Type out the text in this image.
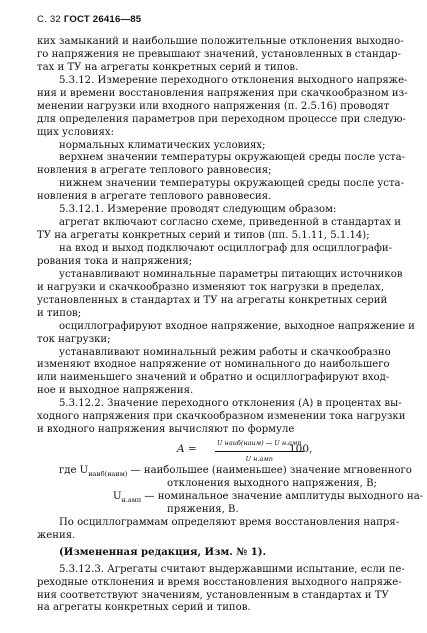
С. 32 ГОСТ 26416—85
ких замыканий и наибольшие положительные отклонения выходно-
го напряжения не превышают значений, установленных в стандар-
тах и ТУ на агрегаты конкретных серий и типов.
5.3.12. Измерение переходного отклонения выходного напряже-
ния и времени восстановления напряжения при скачкообразном из-
менении нагрузки или входного напряжения (п. 2.5.16) проводят
для определения параметров при переходном процессе при следую-
щих условиях:
нормальных климатических условиях;
верхнем значении температуры окружающей среды после уста-
новления в агрегате теплового равновесия;
нижнем значении температуры окружающей среды после уста-
новления в агрегате теплового равновесия.
5.3.12.1. Измерение проводят следующим образом:
агрегат включают согласно схеме, приведенной в стандартах и
ТУ на агрегаты конкретных серий и типов (пп. 5.1.11, 5.1.14);
на вход и выход подключают осциллограф для осциллографи-
рования тока и напряжения;
устанавливают номинальные параметры питающих источников
и нагрузки и скачкообразно изменяют ток нагрузки в пределах,
установленных в стандартах и ТУ на агрегаты конкретных серий
и типов;
осциллографируют входное напряжение, выходное напряжение и
ток нагрузки;
устанавливают номинальный режим работы и скачкообразно
изменяют входное напряжение от номинального до наибольшего
или наименьшего значений и обратно и осциллографируют вход-
ное и выходное напряжения.
5.3.12.2. Значение переходного отклонения (A) в процентах вы-
ходного напряжения при скачкообразном изменении тока нагрузки
и входного напряжения вычисляют по формуле
A =	U наиб(наим) — U н.амп
U н.амп
100,
где $U_{наиб(наим)}$ — наибольшее (наименьшее) значение мгновенного
отклонения выходного напряжения, В;
$U_{н.амп}$ — номинальное значение амплитуды выходного на-
пряжения, В.
По осциллограммам определяют время восстановления напря-
жения.
(Измененная редакция, Изм. № 1).
5.3.12.3. Агрегаты считают выдержавшими испытание, если пе-
реходные отклонения и время восстановления выходного напряже-
ния соответствуют значениям, установленным в стандартах и ТУ
на агрегаты конкретных серий и типов.
